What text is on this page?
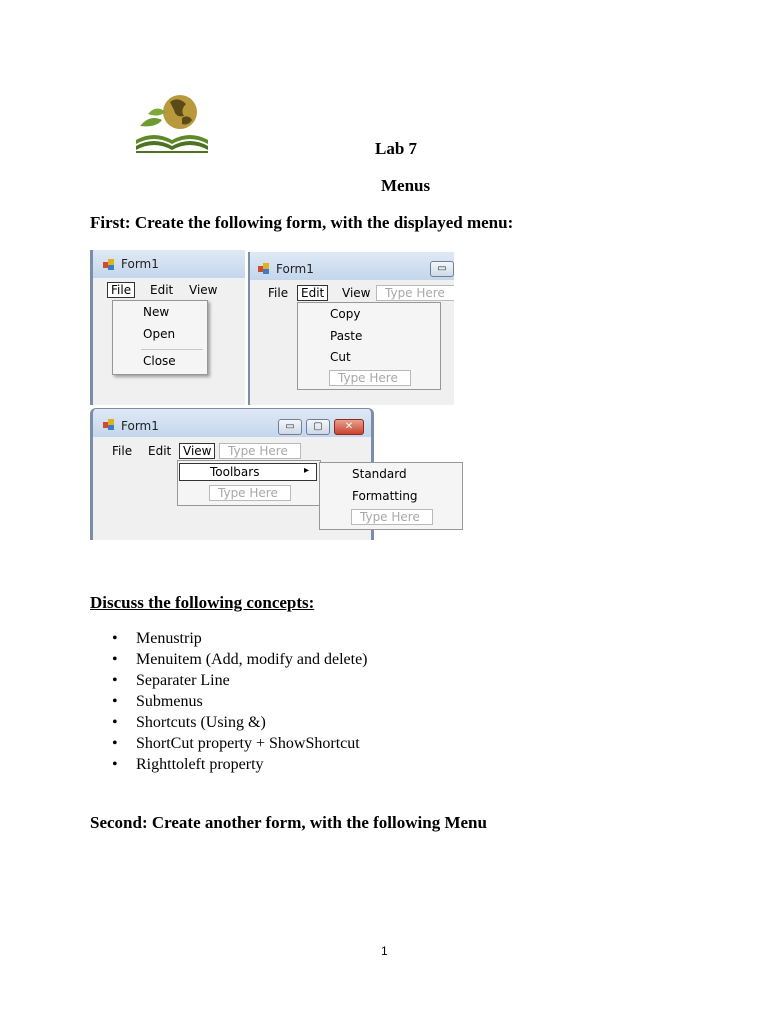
Lab 7
Menus
First: Create the following form, with the displayed menu:
Form1
File	Edit View
New
Open
Close
Form1	▭
File	Edit	View	Type Here
Copy
Paste
Cut
Type Here
Form1	▭	▢	✕
File Edit View	Type Here
Toolbars	▸
Type Here
Standard
Formatting
Type Here
Discuss the following concepts:
• Menustrip
• Menuitem (Add, modify and delete)
• Separater Line
• Submenus
• Shortcuts (Using &)
• ShortCut property + ShowShortcut
• Righttoleft property
Second: Create another form, with the following Menu
1
